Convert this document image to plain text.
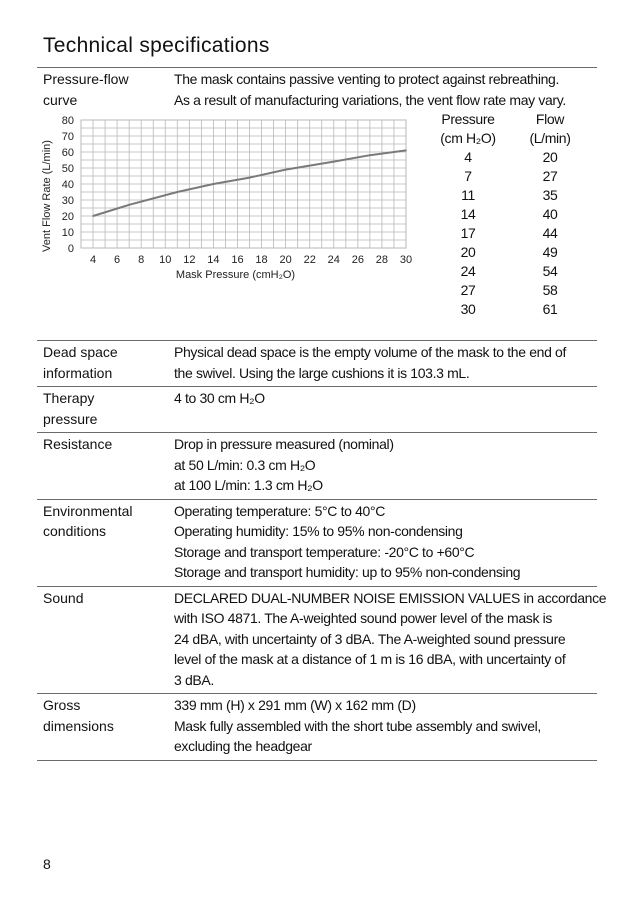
Technical specifications
Pressure-flow
curve
The mask contains passive venting to protect against rebreathing.
As a result of manufacturing variations, the vent flow rate may vary.
0
10
20
30
40
50
60
70
80
4 6 8 10 12 14 16 18 20 22 24 26 28 30
Mask Pressure (cmH₂O)
Vent Flow Rate (L/min)
Pressure
(cm H₂O)
4
7
11
14
17
20
24
27
30
Flow
(L/min)
20
27
35
40
44
49
54
58
61
Dead space
information
Physical dead space is the empty volume of the mask to the end of
the swivel. Using the large cushions it is 103.3 mL.
Therapy
pressure
4 to 30 cm H₂O
Resistance	Drop in pressure measured (nominal)
at 50 L/min: 0.3 cm H₂O
at 100 L/min: 1.3 cm H₂O
Environmental
conditions
Operating temperature: 5°C to 40°C
Operating humidity: 15% to 95% non-condensing
Storage and transport temperature: -20°C to +60°C
Storage and transport humidity: up to 95% non-condensing
Sound	DECLARED DUAL-NUMBER NOISE EMISSION VALUES in accordance
with ISO 4871. The A-weighted sound power level of the mask is
24 dBA, with uncertainty of 3 dBA. The A-weighted sound pressure
level of the mask at a distance of 1 m is 16 dBA, with uncertainty of
3 dBA.
Gross
dimensions
339 mm (H) x 291 mm (W) x 162 mm (D)
Mask fully assembled with the short tube assembly and swivel,
excluding the headgear
8
